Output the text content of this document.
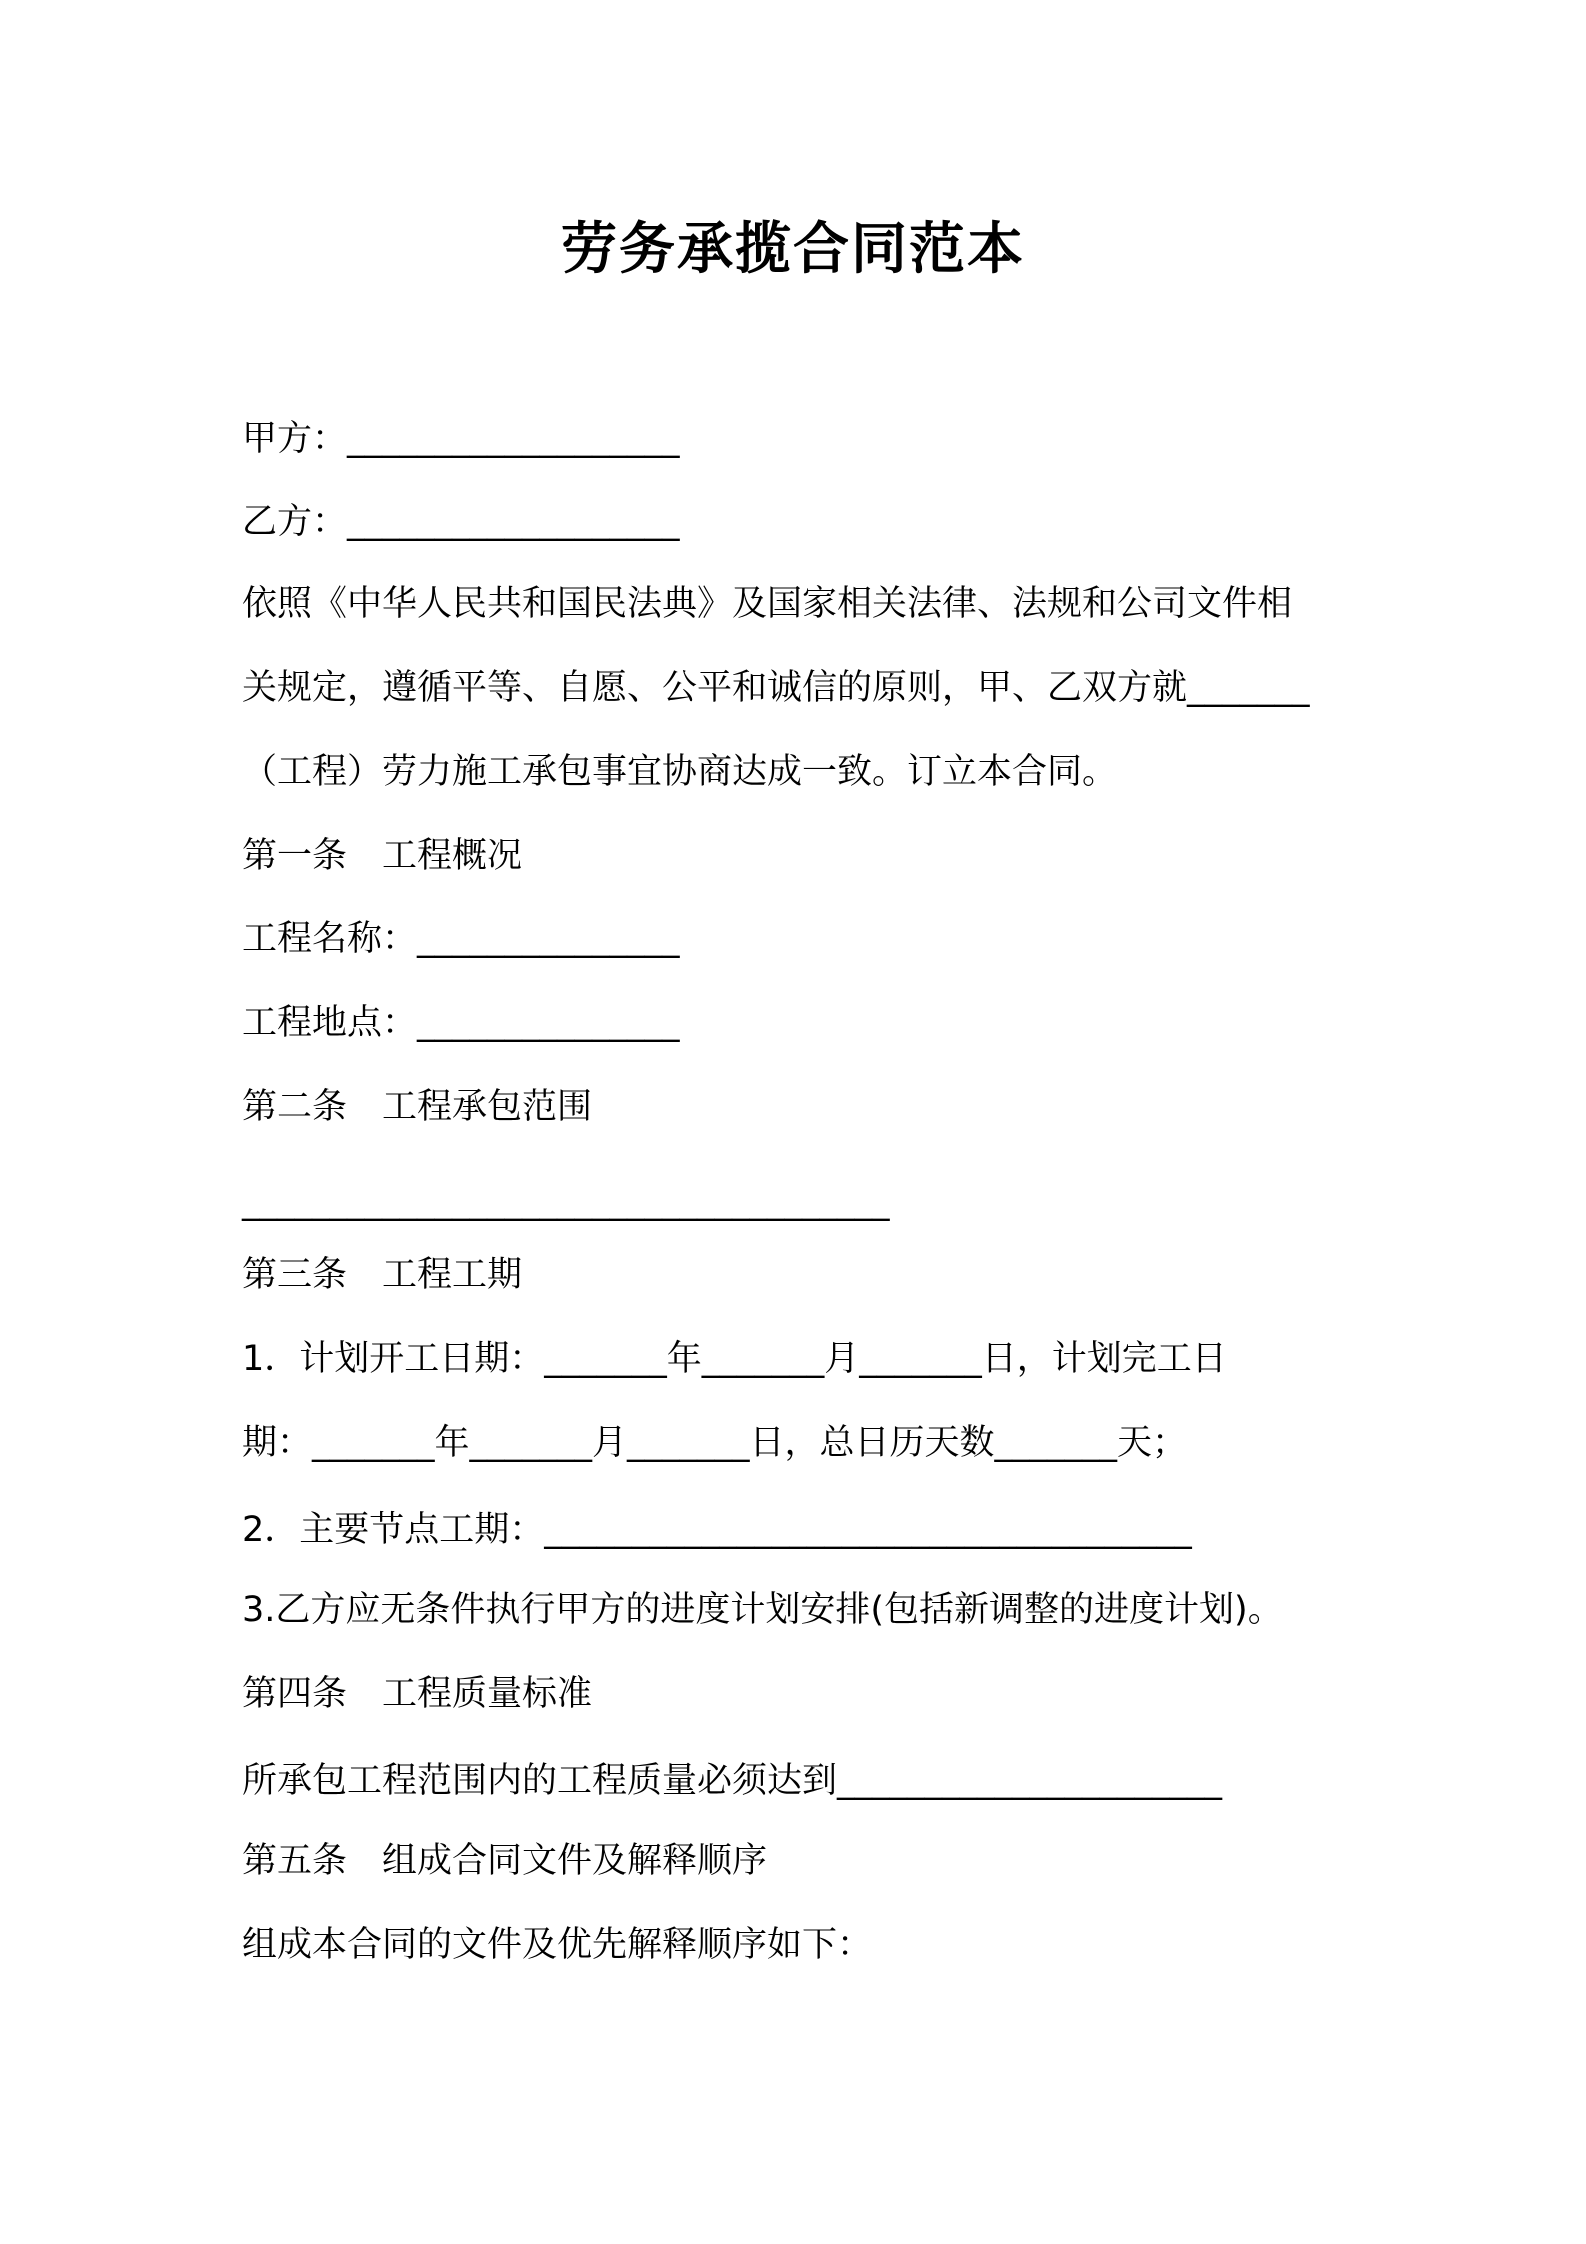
劳务承揽合同范本
甲方：___________________
乙方：___________________
依照《中华人民共和国民法典》及国家相关法律、法规和公司文件相
关规定，遵循平等、自愿、公平和诚信的原则，甲、乙双方就_______
（工程）劳力施工承包事宜协商达成一致。订立本合同。
第一条　工程概况
工程名称：_______________
工程地点：_______________
第二条　工程承包范围
_____________________________________
第三条　工程工期
1．计划开工日期：_______年_______月_______日，计划完工日
期：_______年_______月_______日，总日历天数_______天；
2．主要节点工期：_____________________________________
3.乙方应无条件执行甲方的进度计划安排(包括新调整的进度计划)。
第四条　工程质量标准
所承包工程范围内的工程质量必须达到______________________
第五条　组成合同文件及解释顺序
组成本合同的文件及优先解释顺序如下：
